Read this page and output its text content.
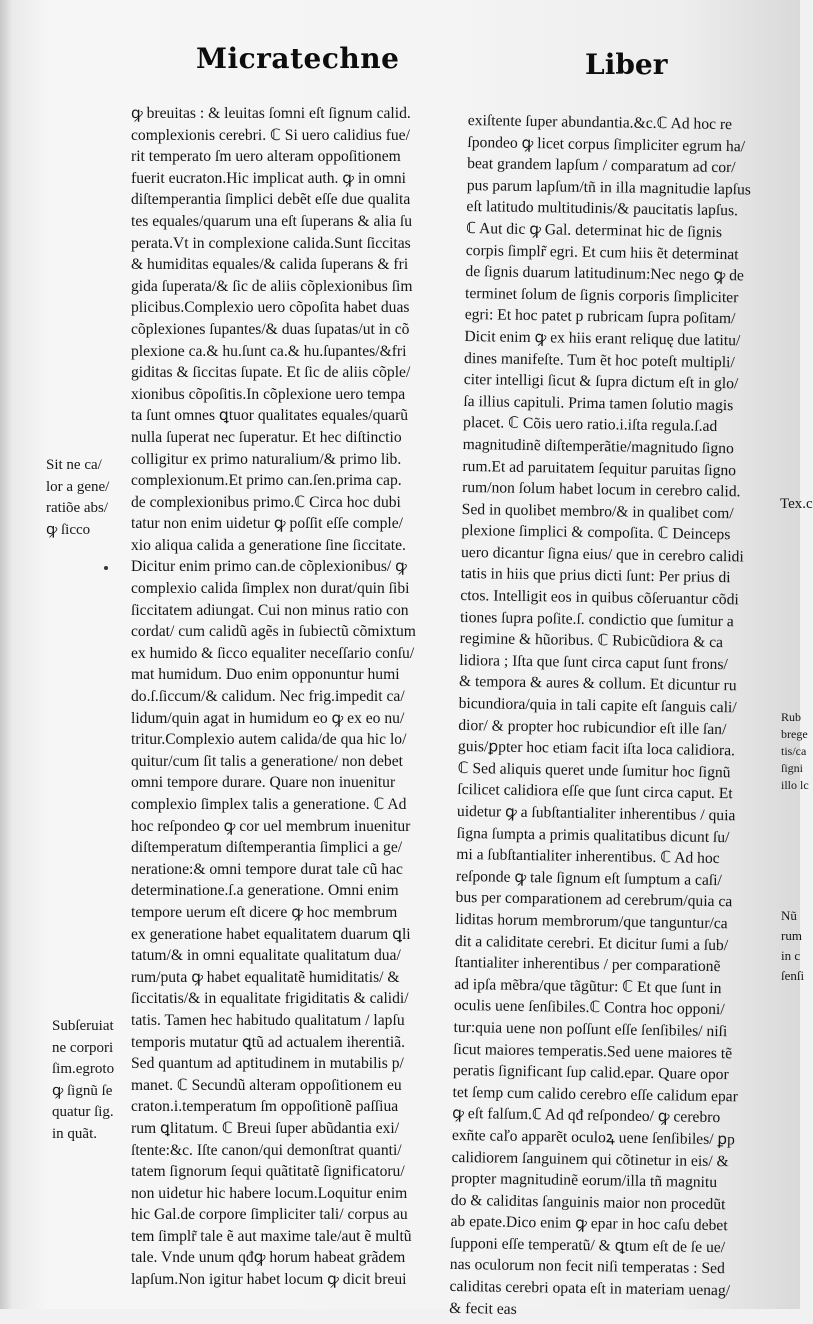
Micratechne	Liber
Sit ne ca/
lor a gene/
ratiõe abs/
ꝙ ſicco
Subſeruiat
ne corpori
ſim.egroto
ꝙ ſignũ ſe
quatur ſig.
in quãt.
Tex.c
Rub
brege
tis/ca
ſigni
illo lc
Nũ
rum
in c
ſenſi
ꝙ breuitas : & leuitas ſomni eſt ſignum calid.
complexionis cerebri. ℂ Si uero calidius fue/
rit temperato ſm uero alteram oppoſitionem
fuerit eucraton.Hic implicat auth. ꝙ in omni
diſtemperantia ſimplici debẽt eſſe due qualita
tes equales/quarum una eſt ſuperans & alia ſu
perata.Vt in complexione calida.Sunt ſiccitas
& humiditas equales/& calida ſuperans & fri
gida ſuperata/& ſic de aliis cõplexionibus ſim
plicibus.Complexio uero cõpoſita habet duas
cõplexiones ſupantes/& duas ſupatas/ut in cõ
plexione ca.& hu.ſunt ca.& hu.ſupantes/&fri
giditas & ſiccitas ſupate. Et ſic de aliis cõple/
xionibus cõpoſitis.In cõplexione uero tempa
ta ſunt omnes ꝗtuor qualitates equales/quarũ
nulla ſuperat nec ſuperatur. Et hec diſtinctio
colligitur ex primo naturalium/& primo lib.
complexionum.Et primo can.ſen.prima cap.
de complexionibus primo.ℂ Circa hoc dubi
tatur non enim uidetur ꝙ poſſit eſſe comple/
xio aliqua calida a generatione ſine ſiccitate.
Dicitur enim primo can.de cõplexionibus/ ꝙ
complexio calida ſimplex non durat/quin ſibi
ſiccitatem adiungat. Cui non minus ratio con
cordat/ cum calidũ agẽs in ſubiectũ cõmixtum
ex humido & ſicco equaliter neceſſario conſu/
mat humidum. Duo enim opponuntur humi
do.ſ.ſiccum/& calidum. Nec frig.impedit ca/
lidum/quin agat in humidum eo ꝙ ex eo nu/
tritur.Complexio autem calida/de qua hic lo/
quitur/cum ſit talis a generatione/ non debet
omni tempore durare. Quare non inuenitur
complexio ſimplex talis a generatione. ℂ Ad
hoc reſpondeo ꝙ cor uel membrum inuenitur
diſtemperatum diſtemperantia ſimplici a ge/
neratione:& omni tempore durat tale cũ hac
determinatione.ſ.a generatione. Omni enim
tempore uerum eſt dicere ꝙ hoc membrum
ex generatione habet equalitatem duarum ꝗli
tatum/& in omni equalitate qualitatum dua/
rum/puta ꝙ habet equalitatẽ humiditatis/ &
ſiccitatis/& in equalitate frigiditatis & calidi/
tatis. Tamen hec habitudo qualitatum / lapſu
temporis mutatur ꝗtũ ad actualem iherentiã.
Sed quantum ad aptitudinem in mutabilis p/
manet. ℂ Secundũ alteram oppoſitionem eu
craton.i.temperatum ſm oppoſitionẽ paſſiua
rum ꝗlitatum. ℂ Breui ſuper abũdantia exi/
ſtente:&c. Iſte canon/qui demonſtrat quanti/
tatem ſignorum ſequi quãtitatẽ ſignificatoru/
non uidetur hic habere locum.Loquitur enim
hic Gal.de corpore ſimpliciter tali/ corpus au
tem ſimplr̃ tale ẽ aut maxime tale/aut ẽ multũ
tale. Vnde unum qđꝙ horum habeat grãdem
lapſum.Non igitur habet locum ꝙ dicit breui
exiſtente ſuper abundantia.&c.ℂ Ad hoc re
ſpondeo ꝙ licet corpus ſimpliciter egrum ha/
beat grandem lapſum / comparatum ad cor/
pus parum lapſum/tñ in illa magnitudie lapſus
eſt latitudo multitudinis/& paucitatis lapſus.
ℂ Aut dic ꝙ Gal. determinat hic de ſignis
corpis ſimplr̃ egri. Et cum hiis ẽt determinat
de ſignis duarum latitudinum:Nec nego ꝙ de
terminet ſolum de ſignis corporis ſimpliciter
egri: Et hoc patet p rubricam ſupra poſitam/
Dicit enim ꝙ ex hiis erant reliquę due latitu/
dines manifeſte. Tum ẽt hoc poteſt multipli/
citer intelligi ſicut & ſupra dictum eſt in glo/
ſa illius capituli. Prima tamen ſolutio magis
placet. ℂ Cõis uero ratio.i.iſta regula.ſ.ad
magnitudinẽ diſtemperãtie/magnitudo ſigno
rum.Et ad paruitatem ſequitur paruitas ſigno
rum/non ſolum habet locum in cerebro calid.
Sed in quolibet membro/& in qualibet com/
plexione ſimplici & compoſita. ℂ Deinceps
uero dicantur ſigna eius/ que in cerebro calidi
tatis in hiis que prius dicti ſunt: Per prius di
ctos. Intelligit eos in quibus cõſeruantur cõdi
tiones ſupra poſite.ſ. condictio que ſumitur a
regimine & hũoribus. ℂ Rubicũdiora & ca
lidiora ; Iſta que ſunt circa caput ſunt frons/
& tempora & aures & collum. Et dicuntur ru
bicundiora/quia in tali capite eſt ſanguis cali/
dior/ & propter hoc rubicundior eſt ille ſan/
guis/ꝑpter hoc etiam facit iſta loca calidiora.
ℂ Sed aliquis queret unde ſumitur hoc ſignũ
ſcilicet calidiora eſſe que ſunt circa caput. Et
uidetur ꝙ a ſubſtantialiter inherentibus / quia
ſigna ſumpta a primis qualitatibus dicunt ſu/
mi a ſubſtantialiter inherentibus. ℂ Ad hoc
reſponde ꝙ tale ſignum eſt ſumptum a caſi/
bus per comparationem ad cerebrum/quia ca
liditas horum membrorum/que tanguntur/ca
dit a caliditate cerebri. Et dicitur ſumi a ſub/
ſtantialiter inherentibus / per comparationẽ
ad ipſa mẽbra/que tãgũtur: ℂ Et que ſunt in
oculis uene ſenſibiles.ℂ Contra hoc opponi/
tur:quia uene non poſſunt eſſe ſenſibiles/ niſi
ſicut maiores temperatis.Sed uene maiores tẽ
peratis ſignificant ſup calid.epar. Quare opor
tet ſemp cum calido cerebro eſſe calidum epar
ꝙ eſt falſum.ℂ Ad qđ reſpondeo/ ꝙ cerebro
exñte caľo apparẽt oculoꝝ uene ſenſibiles/ ꝑp
calidiorem ſanguinem qui cõtinetur in eis/ &
propter magnitudinẽ eorum/illa tñ magnitu
do & caliditas ſanguinis maior non procedũt
ab epate.Dico enim ꝙ epar in hoc caſu debet
ſupponi eſſe temperatũ/ & ꝗtum eſt de ſe ue/
nas oculorum non fecit niſi temperatas : Sed
caliditas cerebri opata eſt in materiam uenag/
& fecit eas
